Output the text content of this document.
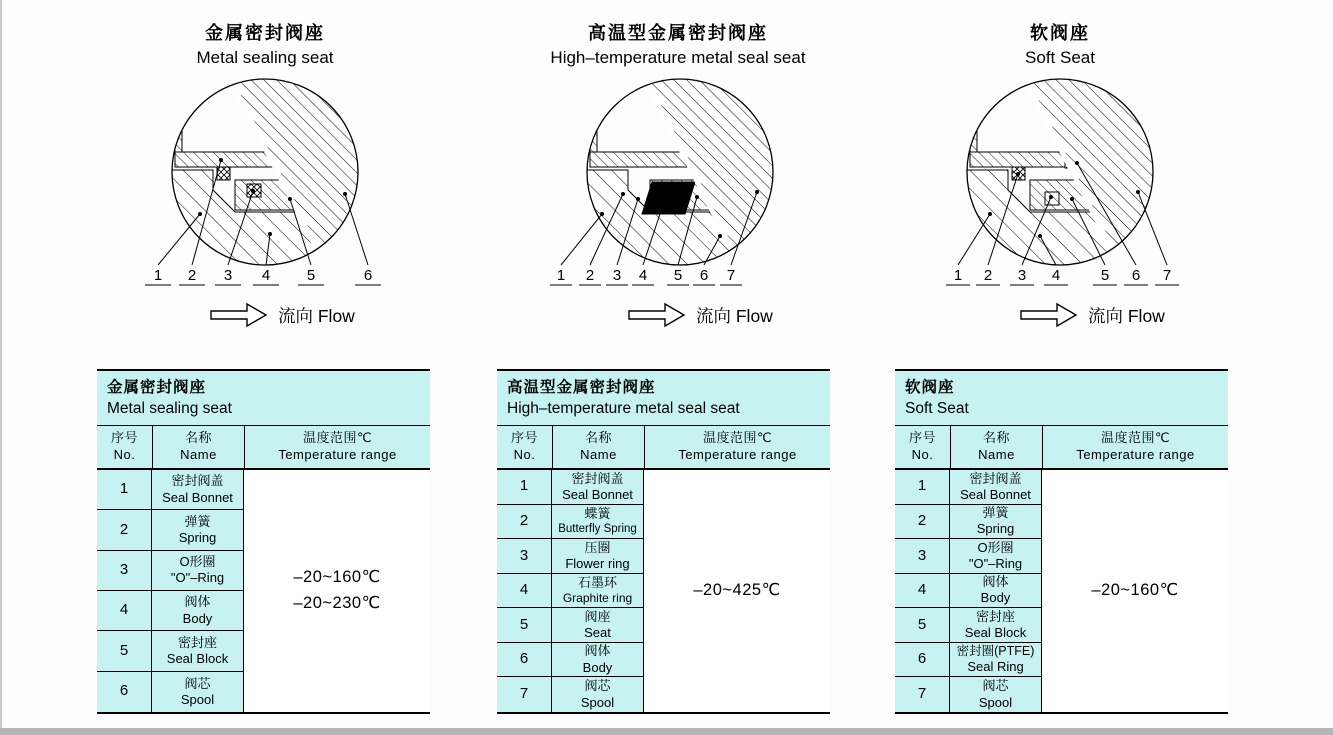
金属密封阀座
Metal sealing seat
1 2 3 4 5	6
流向 Flow
金属密封阀座
Metal sealing seat
序号
No.
名称
Name
温度范围℃
Temperature range
1	密封阀盖
Seal Bonnet
2	弹簧
Spring
3	O形圈
"O"–Ring
4	阀体
Body
5	密封座
Seal Block
6	阀芯
Spool
–20~160℃
–20~230℃
高温型金属密封阀座
High–temperature metal seal seat
1 2 3 4 5 6 7
流向 Flow
高温型金属密封阀座
High–temperature metal seal seat
序号
No.
名称
Name
温度范围℃
Temperature range
1	密封阀盖
Seal Bonnet
2	蝶簧
Butterfly Spring
3	压圈
Flower ring
4	石墨环
Graphite ring
5	阀座
Seat
6	阀体
Body
7	阀芯
Spool
–20~425℃
软阀座
Soft Seat
1 2 3 4	5 6 7
流向 Flow
软阀座
Soft Seat
序号
No.
名称
Name
温度范围℃
Temperature range
1	密封阀盖
Seal Bonnet
2	弹簧
Spring
3	O形圈
"O"–Ring
4	阀体
Body
5	密封座
Seal Block
6	密封圈(PTFE)
Seal Ring
7	阀芯
Spool
–20~160℃
